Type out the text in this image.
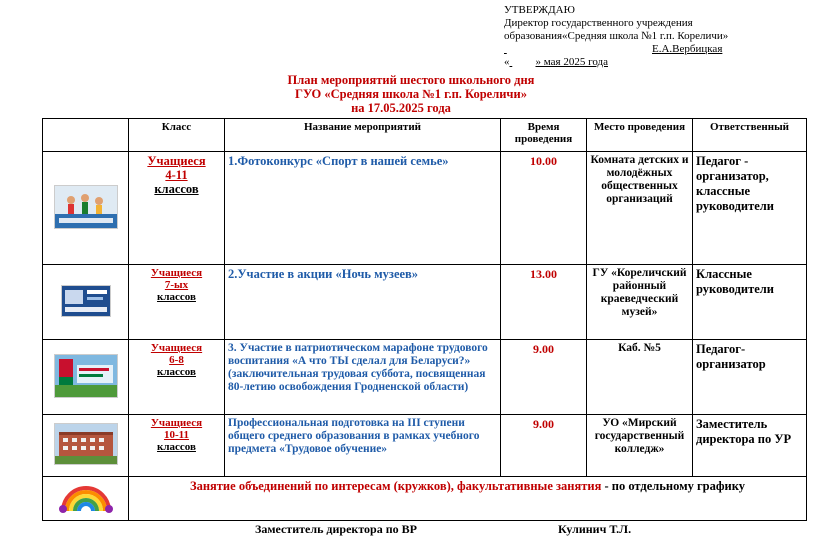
УТВЕРЖДАЮ
Директор государственного учреждения
образования«Средняя школа №1 г.п. Кореличи»
Е.А.Вербицкая
« » мая 2025 года
План мероприятий шестого школьного дня
ГУО «Средняя школа №1 г.п. Кореличи»
на 17.05.2025 года
	Класс	Название мероприятий	Время проведения	Место проведения	Ответственный

Учащиеся
4-11
классов	1.Фотоконкурс «Спорт в нашей семье»	10.00	Комната детских и молодёжных общественных организаций	Педагог - организатор, классные руководители

Учащиеся
7-ых
классов	2.Участие в акции «Ночь музеев»	13.00	ГУ «Кореличский районный краеведческий музей»	Классные руководители

Учащиеся
6-8
классов	3. Участие в патриотическом марафоне трудового воспитания «А что ТЫ сделал для Беларуси?» (заключительная трудовая суббота, посвященная 80-летию освобождения Гродненской области)	9.00	Каб. №5	Педагог-организатор

Учащиеся
10-11
классов	Профессиональная подготовка на III ступени общего среднего образования в рамках учебного предмета «Трудовое обучение»	9.00	УО «Мирский государственный колледж»	Заместитель директора по УР
	Занятие объединений по интересам (кружков), факультативные занятия - по отдельному графику				
Заместитель директора по ВР	Кулинич Т.Л.
